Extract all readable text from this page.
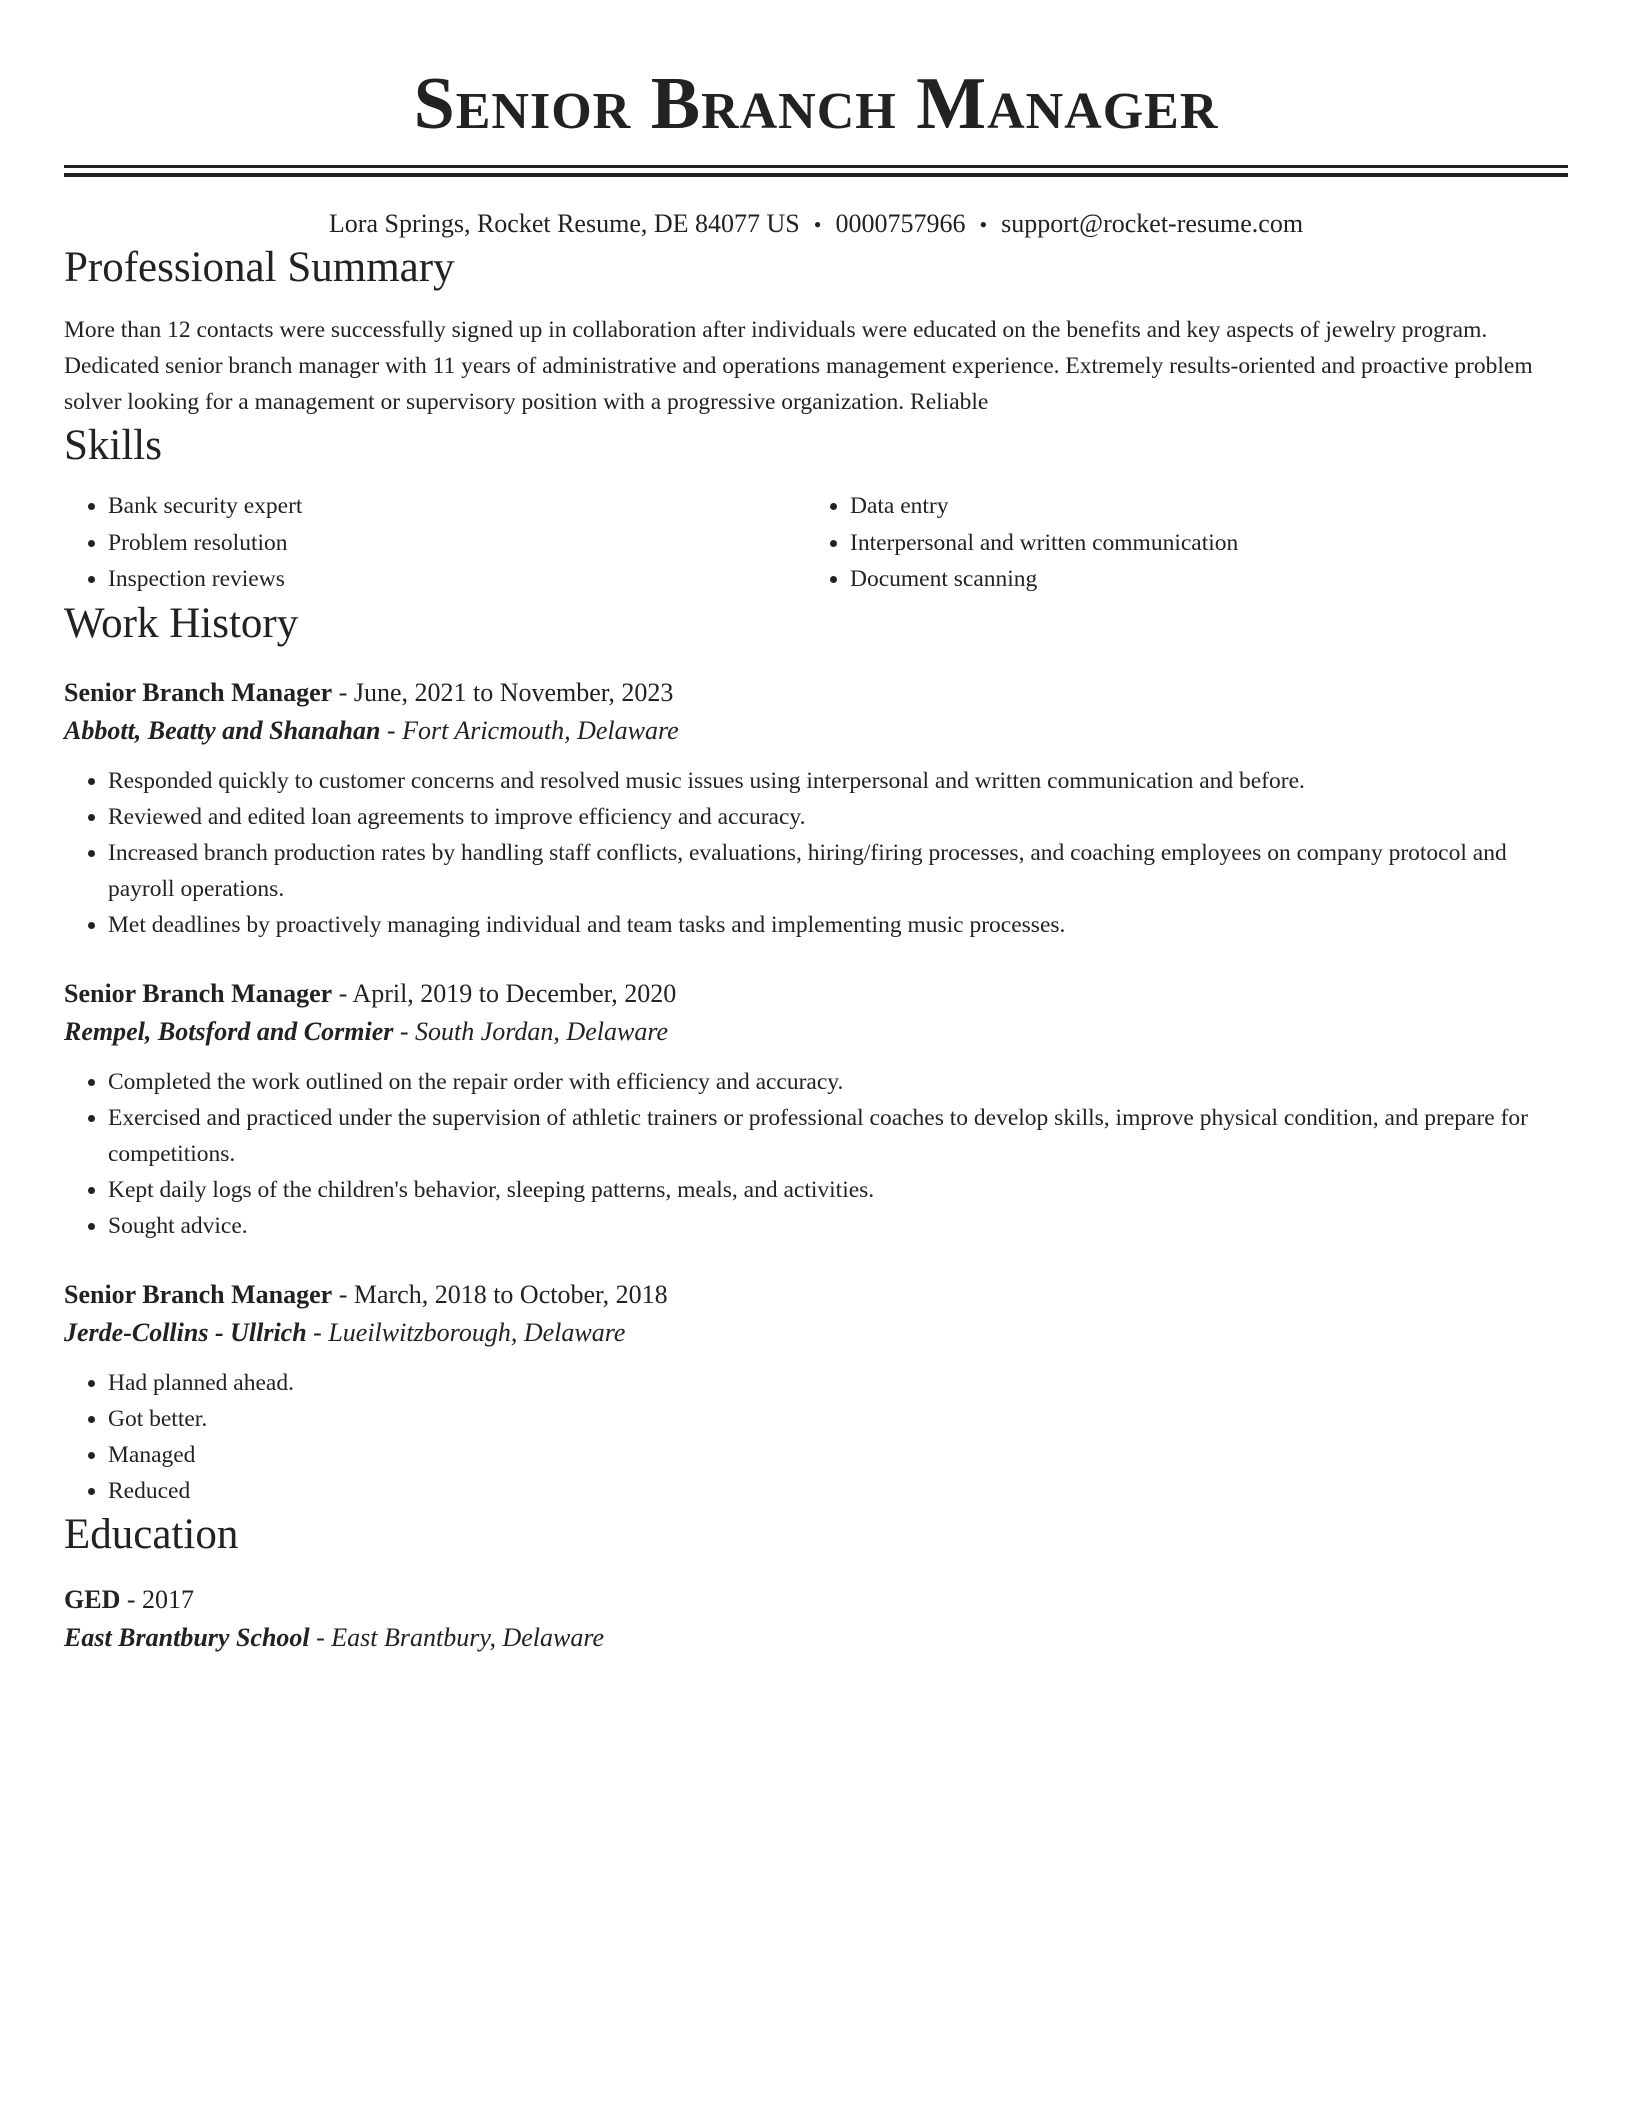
Senior Branch Manager
Lora Springs, Rocket Resume, DE 84077 US • 0000757966 • support@rocket-resume.com
Professional Summary
More than 12 contacts were successfully signed up in collaboration after individuals were educated on the benefits and key aspects of jewelry program. Dedicated senior branch manager with 11 years of administrative and operations management experience. Extremely results-oriented and proactive problem solver looking for a management or supervisory position with a progressive organization. Reliable
Skills
• Bank security expert
• Problem resolution
• Inspection reviews
• Data entry
• Interpersonal and written communication
• Document scanning
Work History
Senior Branch Manager - June, 2021 to November, 2023
Abbott, Beatty and Shanahan - Fort Aricmouth, Delaware
• Responded quickly to customer concerns and resolved music issues using interpersonal and written communication and before.
• Reviewed and edited loan agreements to improve efficiency and accuracy.
• Increased branch production rates by handling staff conflicts, evaluations, hiring/firing processes, and coaching employees on company protocol and payroll operations.
• Met deadlines by proactively managing individual and team tasks and implementing music processes.
Senior Branch Manager - April, 2019 to December, 2020
Rempel, Botsford and Cormier - South Jordan, Delaware
• Completed the work outlined on the repair order with efficiency and accuracy.
• Exercised and practiced under the supervision of athletic trainers or professional coaches to develop skills, improve physical condition, and prepare for competitions.
• Kept daily logs of the children's behavior, sleeping patterns, meals, and activities.
• Sought advice.
Senior Branch Manager - March, 2018 to October, 2018
Jerde-Collins - Ullrich - Lueilwitzborough, Delaware
• Had planned ahead.
• Got better.
• Managed
• Reduced
Education
GED - 2017
East Brantbury School - East Brantbury, Delaware
